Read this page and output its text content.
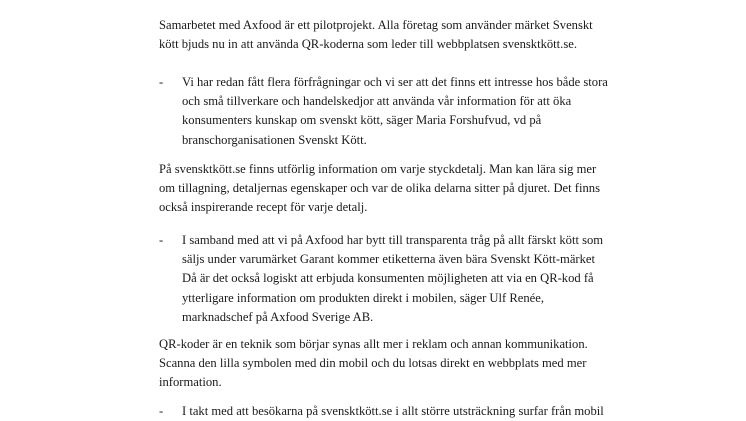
Samarbetet med Axfood är ett pilotprojekt. Alla företag som använder märket Svenskt
kött bjuds nu in att använda QR-koderna som leder till webbplatsen svensktkött.se.

- Vi har redan fått flera förfrågningar och vi ser att det finns ett intresse hos både stora
och små tillverkare och handelskedjor att använda vår information för att öka
konsumenters kunskap om svenskt kött, säger Maria Forshufvud, vd på
branschorganisationen Svenskt Kött.

På svensktkött.se finns utförlig information om varje styckdetalj. Man kan lära sig mer
om tillagning, detaljernas egenskaper och var de olika delarna sitter på djuret. Det finns
också inspirerande recept för varje detalj.

- I samband med att vi på Axfood har bytt till transparenta tråg på allt färskt kött som
säljs under varumärket Garant kommer etiketterna även bära Svenskt Kött-märket
Då är det också logiskt att erbjuda konsumenten möjligheten att via en QR-kod få
ytterligare information om produkten direkt i mobilen, säger Ulf Renée,
marknadschef på Axfood Sverige AB.

QR-koder är en teknik som börjar synas allt mer i reklam och annan kommunikation.
Scanna den lilla symbolen med din mobil och du lotsas direkt en webbplats med mer
information.

- I takt med att besökarna på svensktkött.se i allt större utsträckning surfar från mobil
